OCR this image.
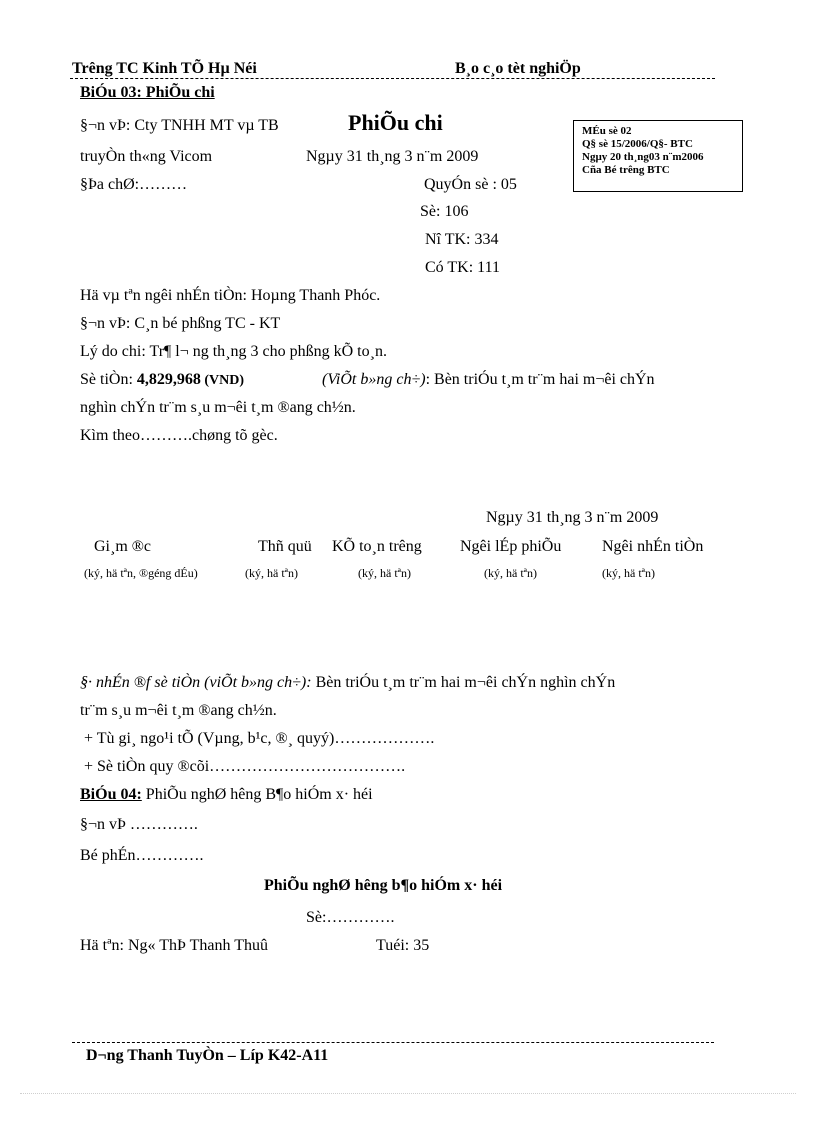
Trêng TC Kinh TÕ Hµ Néi	B¸o c¸o tèt nghiÖp
BiÓu 03: PhiÕu chi
§¬n vÞ: Cty TNHH MT vµ TB	PhiÕu chi
truyÒn th«ng Vicom	Ngµy 31 th¸ng 3 n¨m 2009
§Þa chØ:………	QuyÓn sè : 05
Sè: 106
Nî TK: 334
Có TK: 111
MÉu sè 02
Q§ sè 15/2006/Q§- BTC
Ngµy 20 th¸ng03 n¨m2006
Cña Bé trêng BTC
Hä vµ tªn ngêi nhÉn tiÒn: Hoµng Thanh Phóc.
§¬n vÞ: C¸n bé phßng TC - KT
Lý do chi: Tr¶ l¬ ng th¸ng 3 cho phßng kÕ to¸n.
Sè tiÒn: 4,829,968 (VND)	(ViÕt b»ng ch÷): Bèn triÓu t¸m tr¨m hai m¬êi chÝn
nghìn chÝn tr¨m s¸u m¬êi t¸m ®ang ch½n.
Kìm theo……….chøng tõ gèc.
Ngµy 31 th¸ng 3 n¨m 2009
Gi¸m ®c	Thñ quü KÕ to¸n trêng Ngêi lÉp phiÕu	Ngêi nhÉn tiÒn
(ký, hä tªn, ®géng dÉu)	(ký, hä tªn)	(ký, hä tªn)	(ký, hä tªn)	(ký, hä tªn)
§· nhÉn ®f sè tiÒn (viÕt b»ng ch÷): Bèn triÓu t¸m tr¨m hai m¬êi chÝn nghìn chÝn
tr¨m s¸u m¬êi t¸m ®ang ch½n.
+ Tù gi¸ ngo¹i tÕ (Vµng, b¹c, ®¸ quyý)……………….
+ Sè tiÒn quy ®cõi……………………………….
BiÓu 04: PhiÕu nghØ hêng B¶o hiÓm x· héi
§¬n vÞ ………….
Bé phÉn………….
PhiÕu nghØ hêng b¶o hiÓm x· héi
Sè:………….
Hä tªn: Ng« ThÞ Thanh Thuû	Tuéi: 35
D¬ng Thanh TuyÒn – Líp K42-A11
